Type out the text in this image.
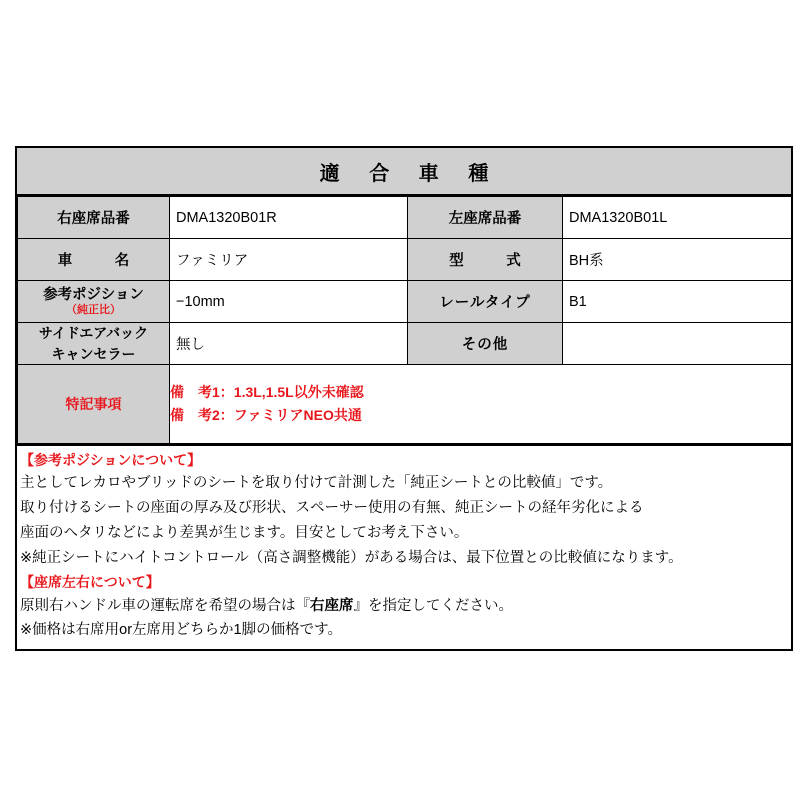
適 合 車 種
右座席品番	DMA1320B01R	左座席品番	DMA1320B01L
車　名	ファミリア	型　式	BH系

参考ポジション
（純正比）	−10mm	レールタイプ	B1

サイドエアバック
キャンセラー	無し	その他	
特記事項	備　考1：1.3L,1.5L以外未確認
備　考2：ファミリアNEO共通		

【参考ポジションについて】

主としてレカロやブリッドのシートを取り付けて計測した「純正シートとの比較値」です。

取り付けるシートの座面の厚み及び形状、スペーサー使用の有無、純正シートの経年劣化による

座面のヘタリなどにより差異が生じます。目安としてお考え下さい。

※純正シートにハイトコントロール（高さ調整機能）がある場合は、最下位置との比較値になります。

【座席左右について】

原則右ハンドル車の運転席を希望の場合は『右座席』を指定してください。

※価格は右席用or左席用どちらか1脚の価格です。
